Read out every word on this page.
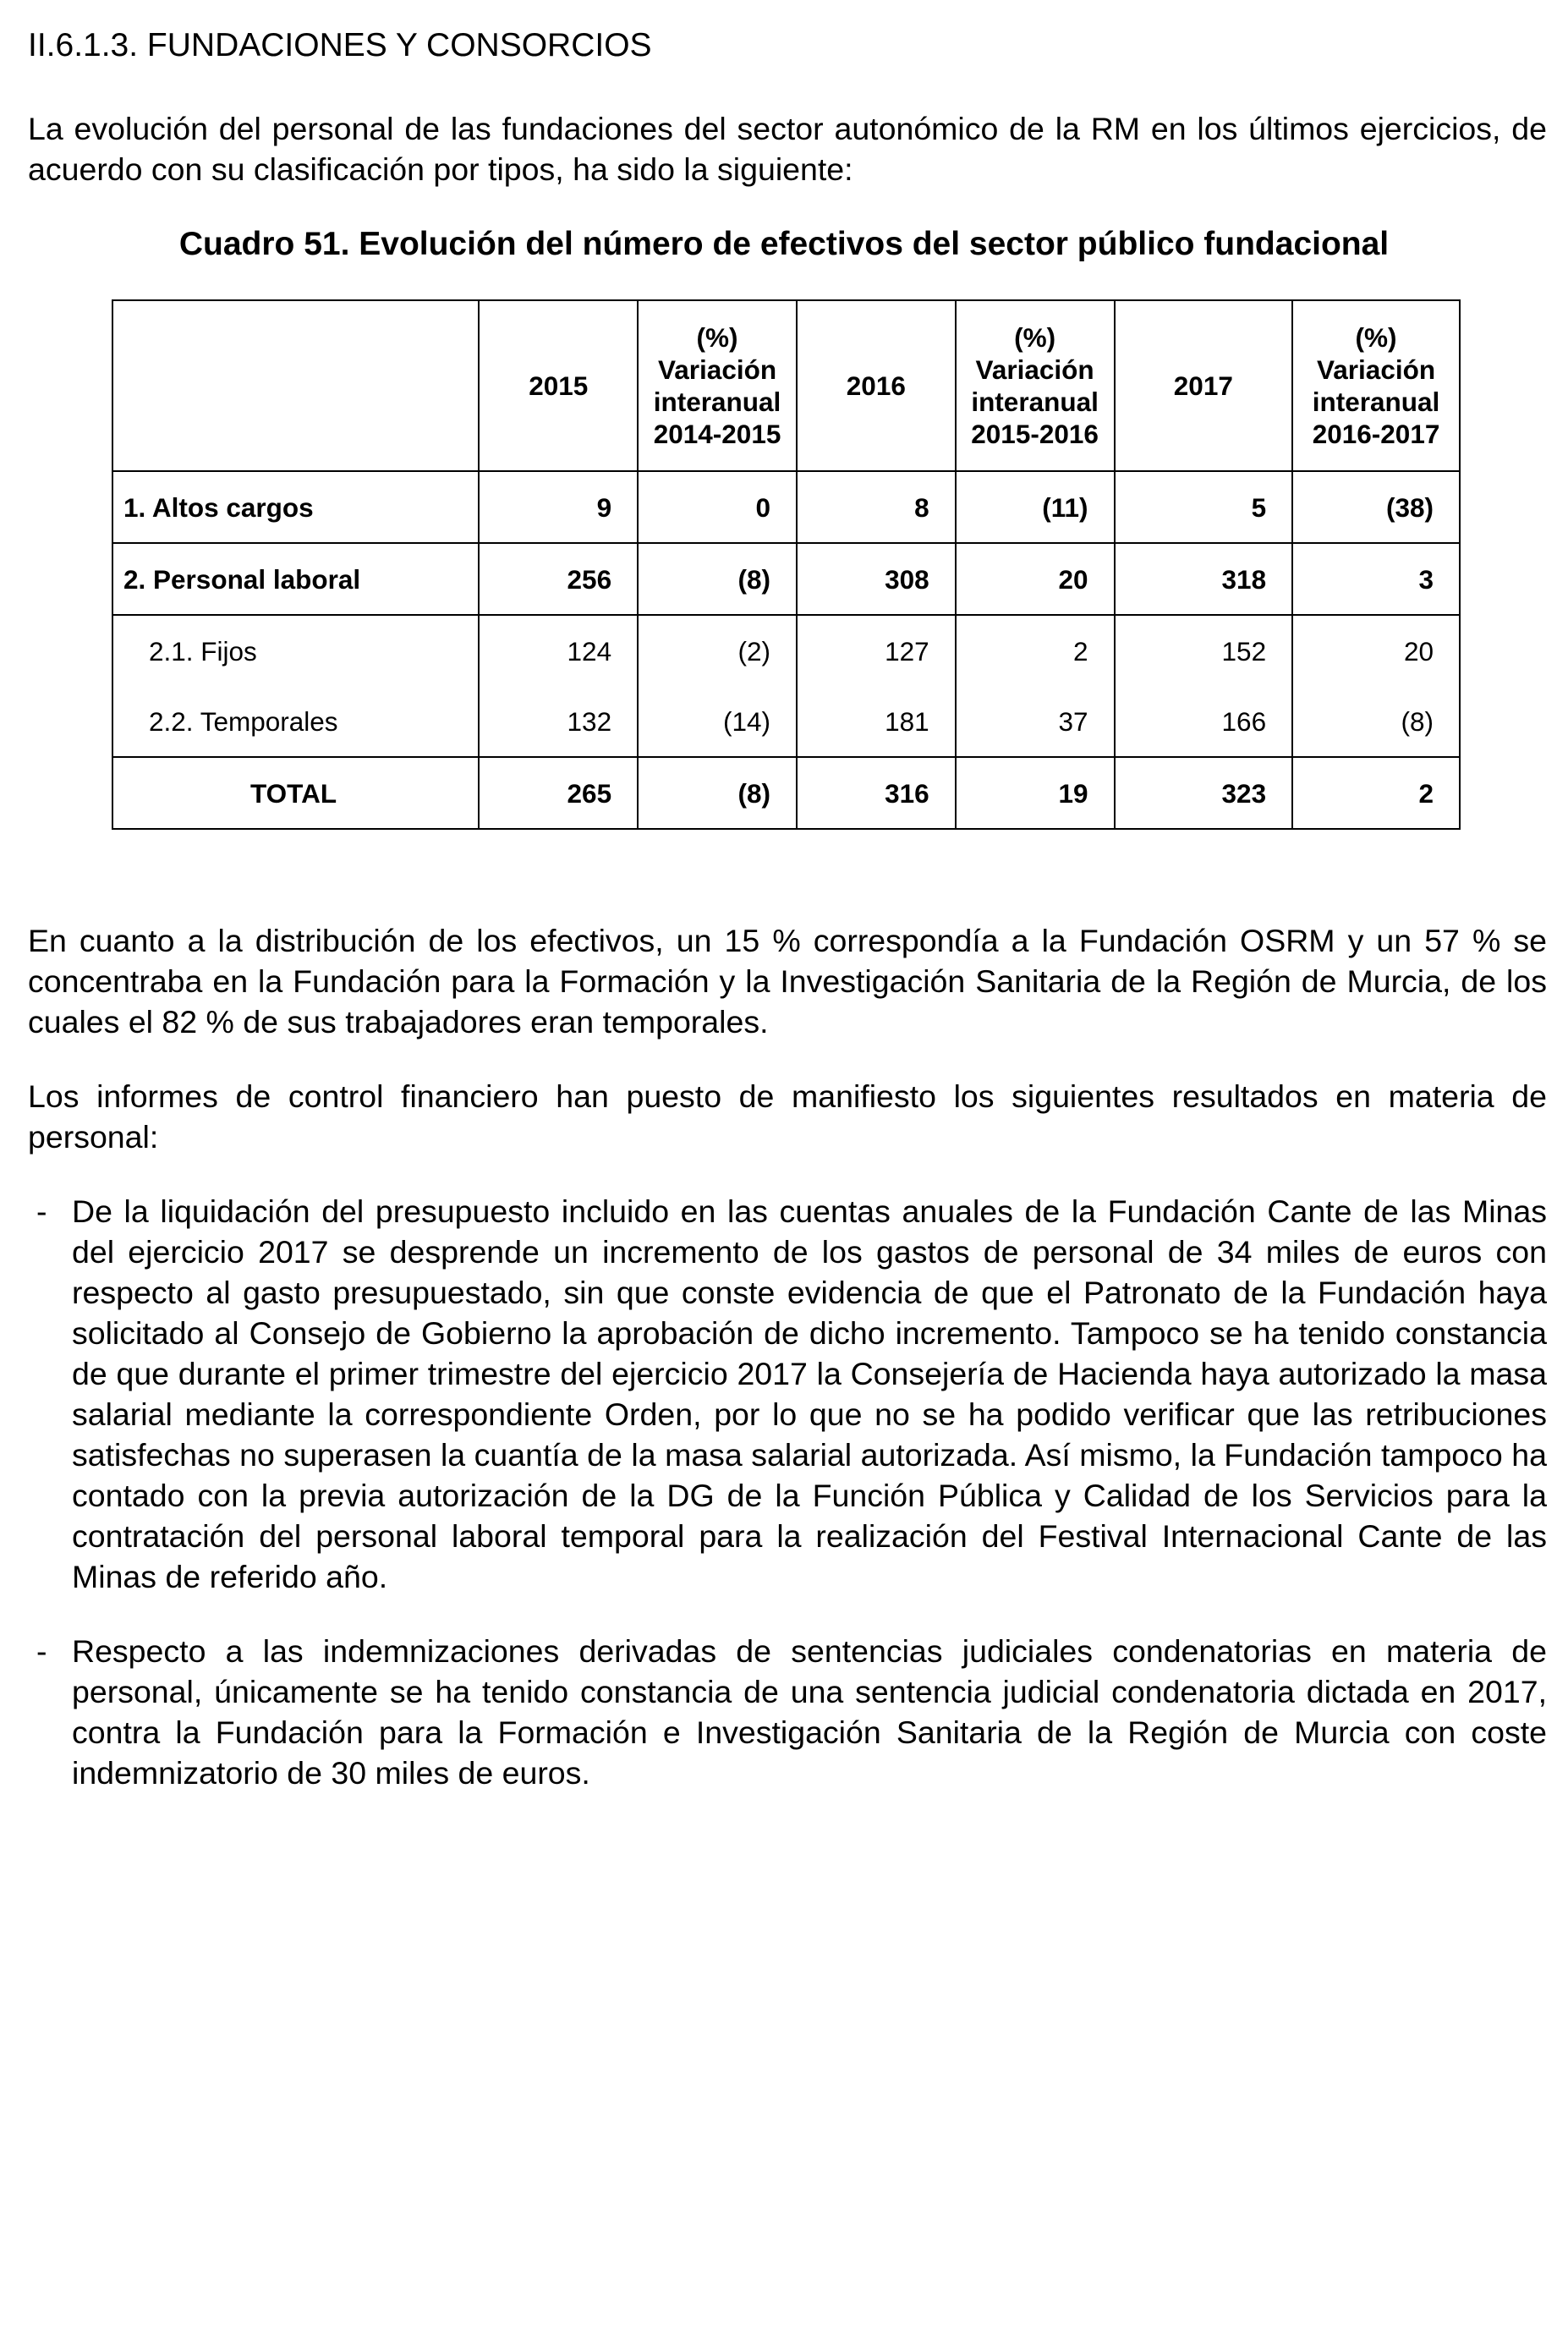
II.6.1.3. FUNDACIONES Y CONSORCIOS

La evolución del personal de las fundaciones del sector autonómico de la RM en los últimos ejercicios, de acuerdo con su clasificación por tipos, ha sido la siguiente:

Cuadro 51. Evolución del número de efectivos del sector público fundacional

	2015	(%)
Variación
interanual
2014-2015	2016	(%)
Variación
interanual
2015-2016	2017	(%)
Variación
interanual
2016-2017
1. Altos cargos	9	0	8	(11)	5	(38)
2. Personal laboral	256	(8)	308	20	318	3
2.1. Fijos	124	(2)	127	2	152	20
2.2. Temporales	132	(14)	181	37	166	(8)
TOTAL	265	(8)	316	19	323	2

En cuanto a la distribución de los efectivos, un 15 % correspondía a la Fundación OSRM y un 57 % se concentraba en la Fundación para la Formación y la Investigación Sanitaria de la Región de Murcia, de los cuales el 82 % de sus trabajadores eran temporales.

Los informes de control financiero han puesto de manifiesto los siguientes resultados en materia de personal:

- De la liquidación del presupuesto incluido en las cuentas anuales de la Fundación Cante de las Minas del ejercicio 2017 se desprende un incremento de los gastos de personal de 34 miles de euros con respecto al gasto presupuestado, sin que conste evidencia de que el Patronato de la Fundación haya solicitado al Consejo de Gobierno la aprobación de dicho incremento. Tampoco se ha tenido constancia de que durante el primer trimestre del ejercicio 2017 la Consejería de Hacienda haya autorizado la masa salarial mediante la correspondiente Orden, por lo que no se ha podido verificar que las retribuciones satisfechas no superasen la cuantía de la masa salarial autorizada. Así mismo, la Fundación tampoco ha contado con la previa autorización de la DG de la Función Pública y Calidad de los Servicios para la contratación del personal laboral temporal para la realización del Festival Internacional Cante de las Minas de referido año.
- Respecto a las indemnizaciones derivadas de sentencias judiciales condenatorias en materia de personal, únicamente se ha tenido constancia de una sentencia judicial condenatoria dictada en 2017, contra la Fundación para la Formación e Investigación Sanitaria de la Región de Murcia con coste indemnizatorio de 30 miles de euros.
